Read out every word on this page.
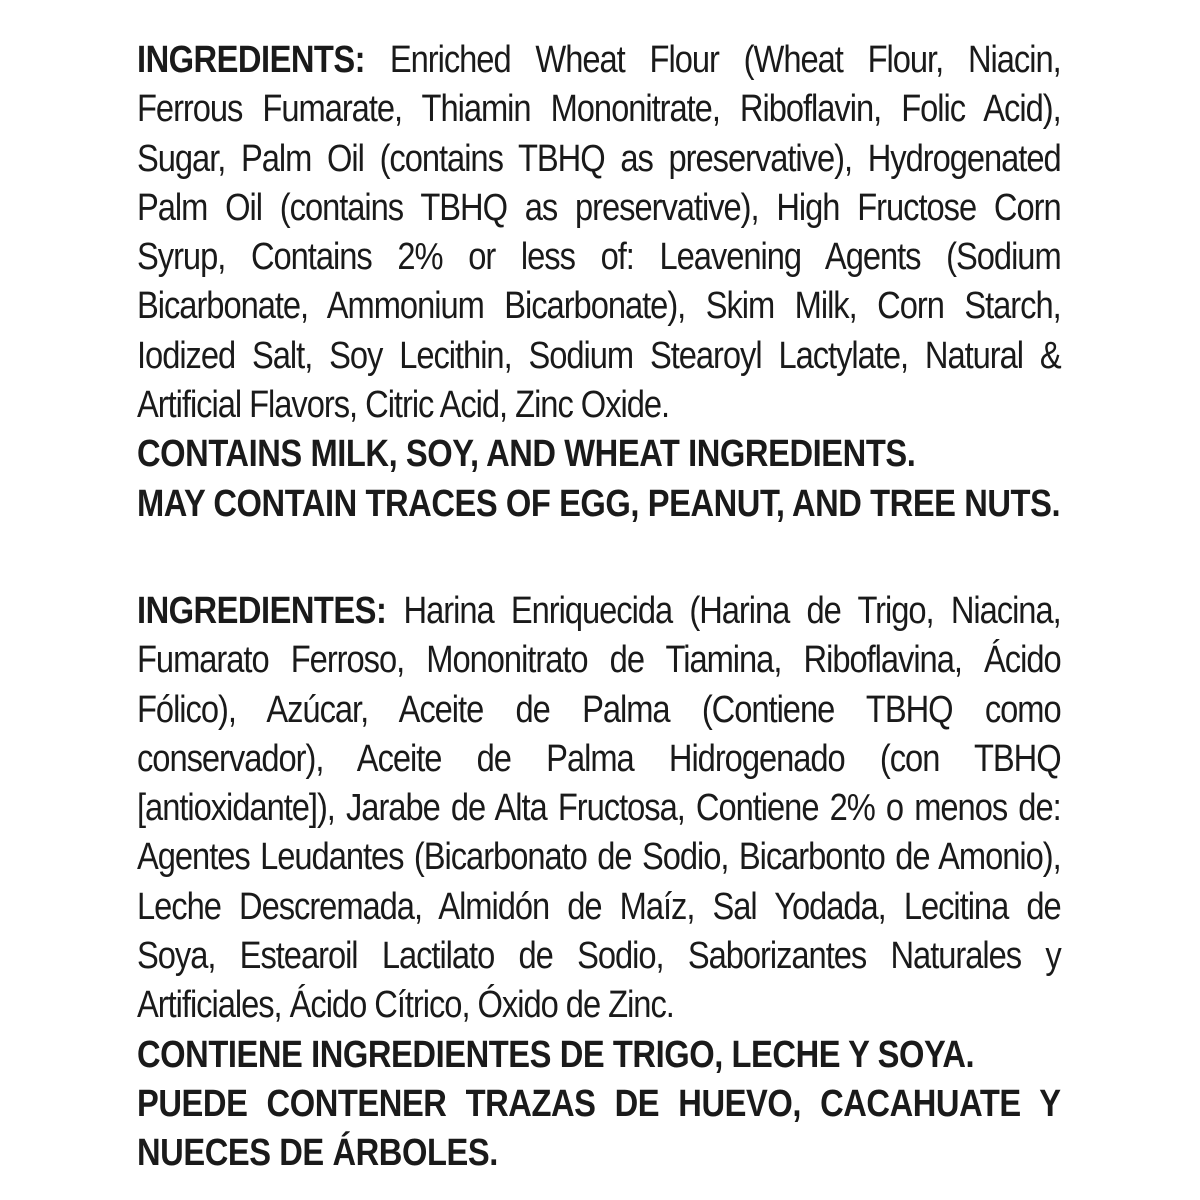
INGREDIENTS: Enriched Wheat Flour (Wheat Flour, Niacin, Ferrous Fumarate, Thiamin Mononitrate, Riboflavin, Folic Acid), Sugar, Palm Oil (contains TBHQ as preservative), Hydrogenated Palm Oil (contains TBHQ as preservative), High Fructose Corn Syrup, Contains 2% or less of: Leavening Agents (Sodium Bicarbonate, Ammonium Bicarbonate), Skim Milk, Corn Starch, Iodized Salt, Soy Lecithin, Sodium Stearoyl Lactylate, Natural & Artificial Flavors, Citric Acid, Zinc Oxide.
CONTAINS MILK, SOY, AND WHEAT INGREDIENTS.
MAY CONTAIN TRACES OF EGG, PEANUT, AND TREE NUTS.

INGREDIENTES: Harina Enriquecida (Harina de Trigo, Niacina, Fumarato Ferroso, Mononitrato de Tiamina, Riboflavina, Ácido Fólico), Azúcar, Aceite de Palma (Contiene TBHQ como conservador), Aceite de Palma Hidrogenado (con TBHQ [antioxidante]), Jarabe de Alta Fructosa, Contiene 2% o menos de: Agentes Leudantes (Bicarbonato de Sodio, Bicarbonto de Amonio), Leche Descremada, Almidón de Maíz, Sal Yodada, Lecitina de Soya, Estearoil Lactilato de Sodio, Saborizantes Naturales y Artificiales, Ácido Cítrico, Óxido de Zinc.
CONTIENE INGREDIENTES DE TRIGO, LECHE Y SOYA.
PUEDE CONTENER TRAZAS DE HUEVO, CACAHUATE Y NUECES DE ÁRBOLES.
